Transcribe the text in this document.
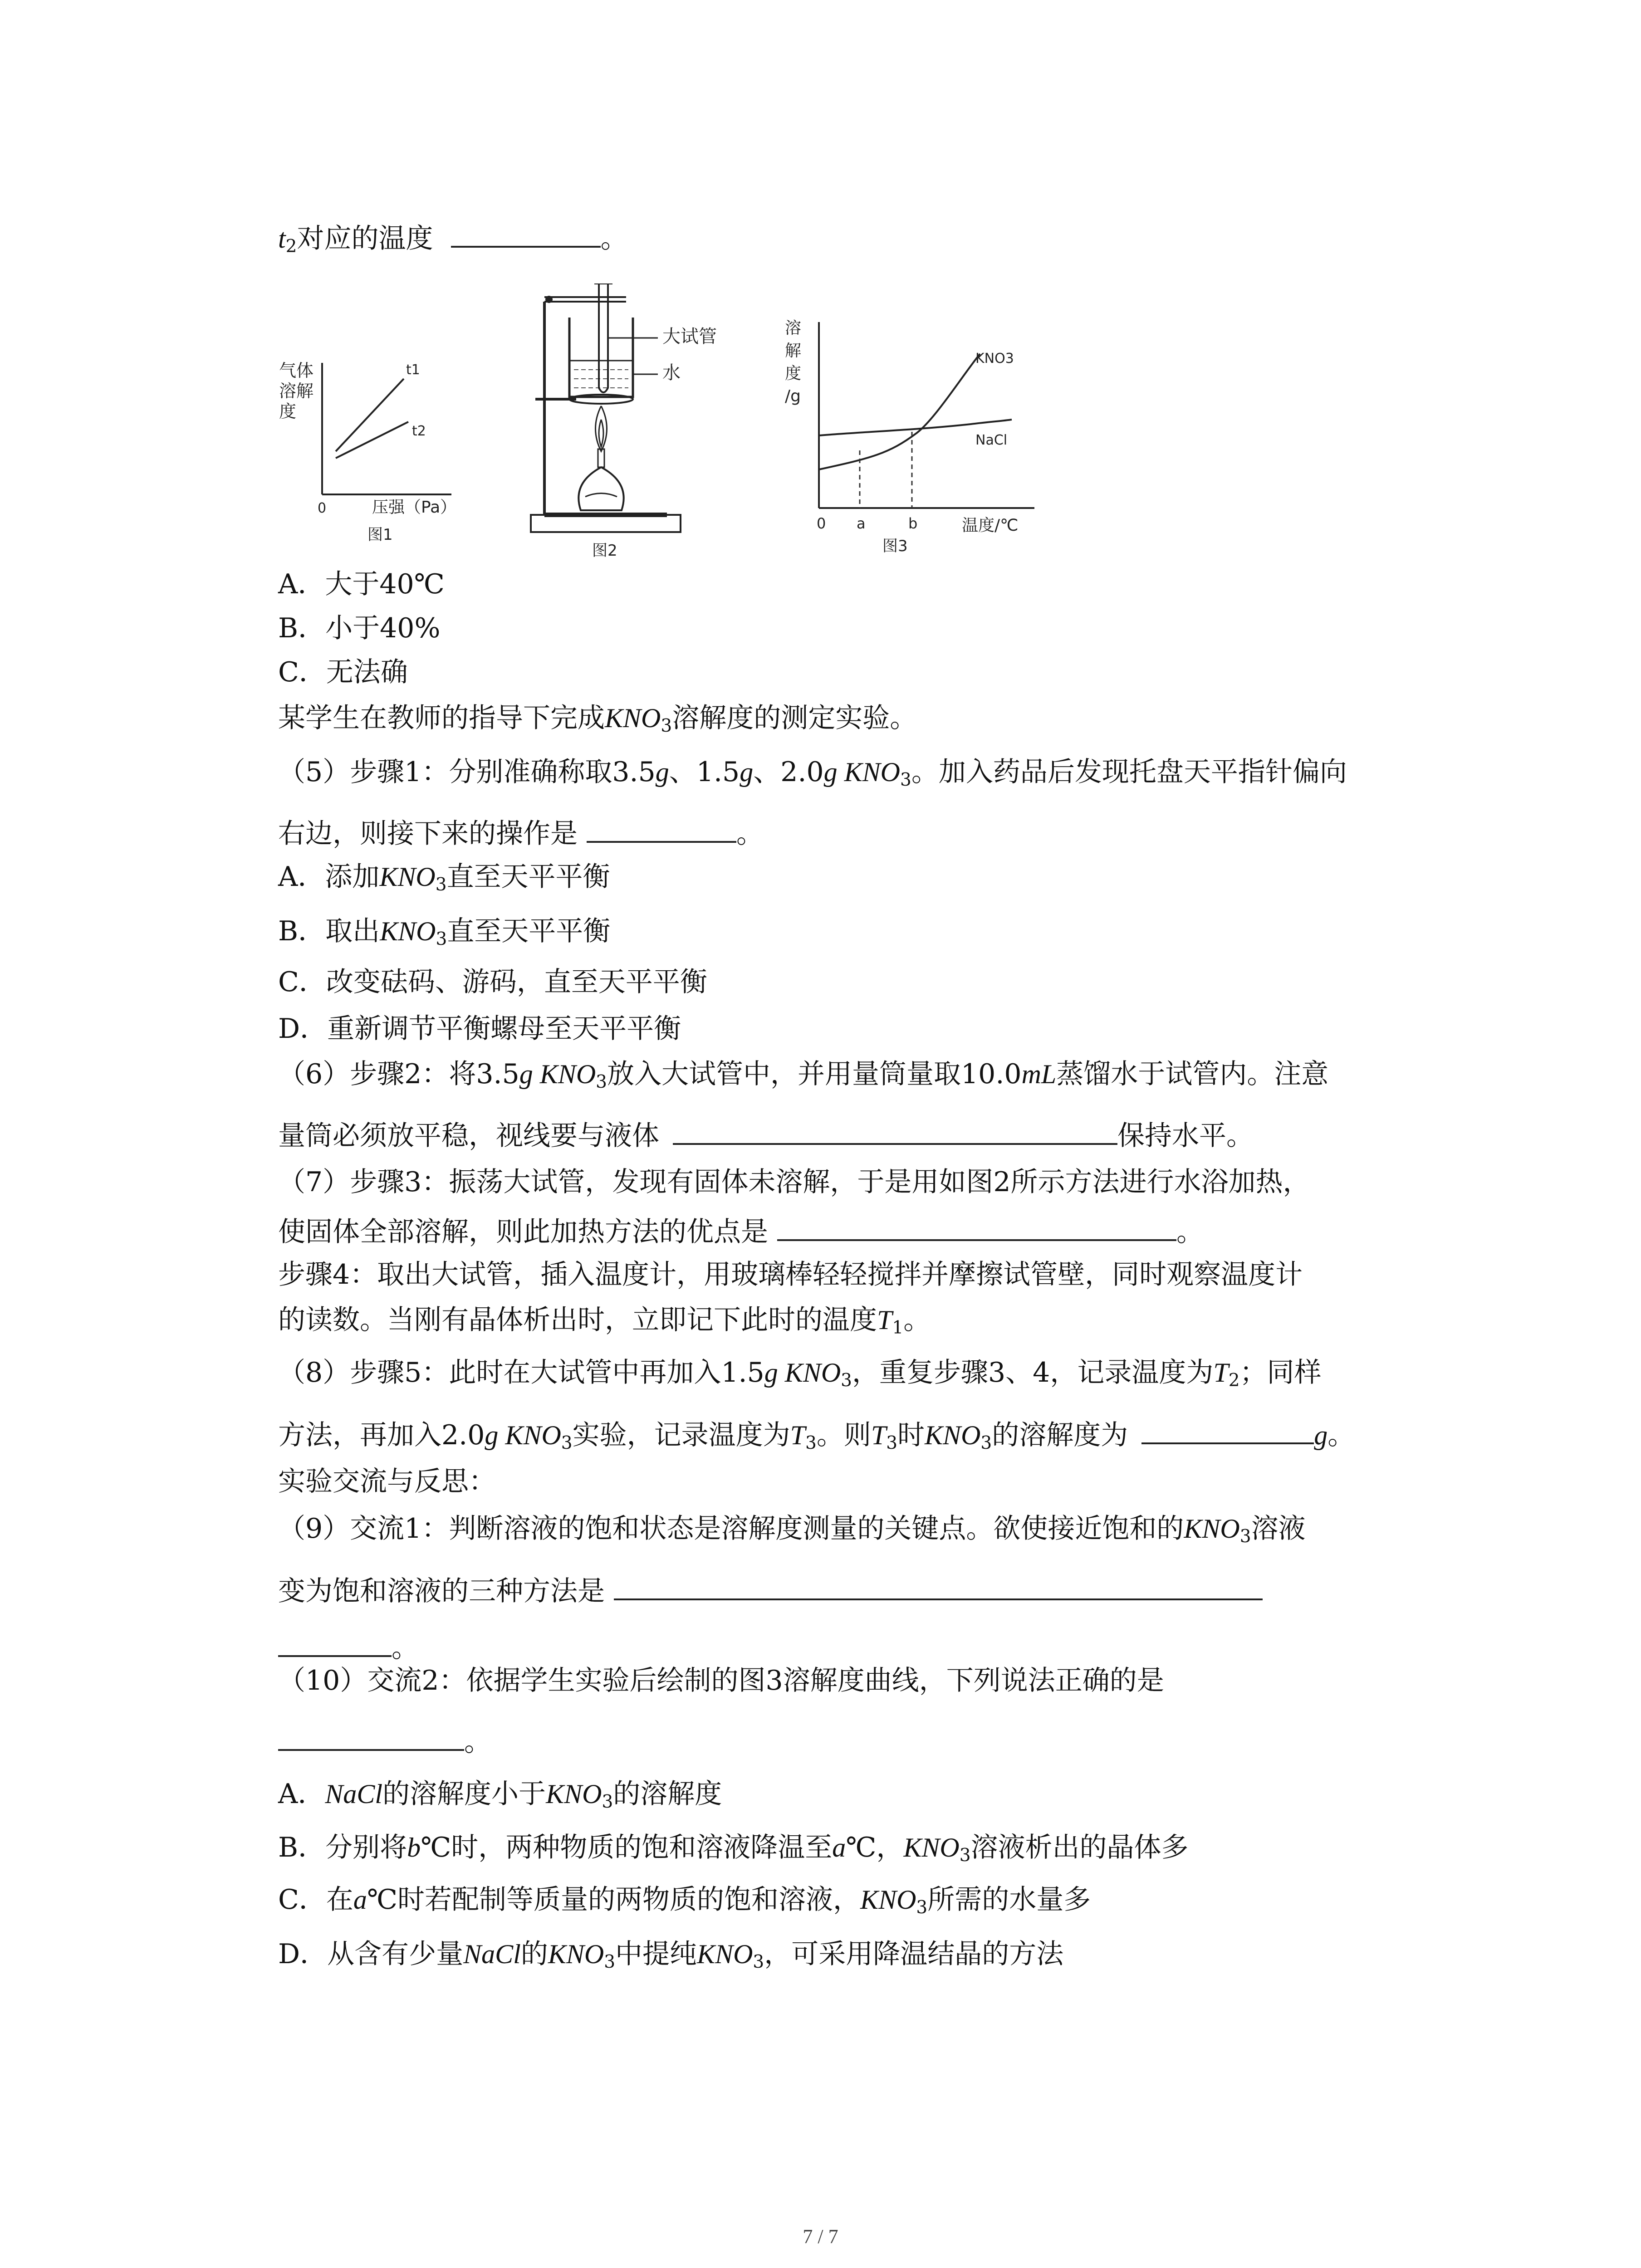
$t_2$对应的温度	。
t1
t2
气体
溶解
度
0	压强（Pa）
图1
大试管
水
图2
溶
解
度
/g
KNO3
NaCl
0 a	b	温度/℃
图3
A．大于40℃
B．小于40%
C．无法确
某学生在教师的指导下完成$KNO_3$溶解度的测定实验。
（5）步骤1：分别准确称取3.5g、1.5g、2.0g $KNO_3$。加入药品后发现托盘天平指针偏向
右边，则接下来的操作是	。
A．添加$KNO_3$直至天平平衡
B．取出$KNO_3$直至天平平衡
C．改变砝码、游码，直至天平平衡
D．重新调节平衡螺母至天平平衡
（6）步骤2：将3.5g $KNO_3$放入大试管中，并用量筒量取10.0mL蒸馏水于试管内。注意
量筒必须放平稳，视线要与液体	保持水平。
（7）步骤3：振荡大试管，发现有固体未溶解，于是用如图2所示方法进行水浴加热，
使固体全部溶解，则此加热方法的优点是	。
步骤4：取出大试管，插入温度计，用玻璃棒轻轻搅拌并摩擦试管壁，同时观察温度计
的读数。当刚有晶体析出时，立即记下此时的温度$T_1$。
（8）步骤5：此时在大试管中再加入1.5g $KNO_3$，重复步骤3、4，记录温度为$T_2$；同样
方法，再加入2.0g $KNO_3$实验，记录温度为$T_3$。则$T_3$时$KNO_3$的溶解度为	g。
实验交流与反思：
（9）交流1：判断溶液的饱和状态是溶解度测量的关键点。欲使接近饱和的$KNO_3$溶液
变为饱和溶液的三种方法是
。
（10）交流2：依据学生实验后绘制的图3溶解度曲线，下列说法正确的是
。
A．NaCl的溶解度小于$KNO_3$的溶解度
B．分别将b℃时，两种物质的饱和溶液降温至a℃，$KNO_3$溶液析出的晶体多
C．在a℃时若配制等质量的两物质的饱和溶液，$KNO_3$所需的水量多
D．从含有少量NaCl的$KNO_3$中提纯$KNO_3$，可采用降温结晶的方法
7 / 7
